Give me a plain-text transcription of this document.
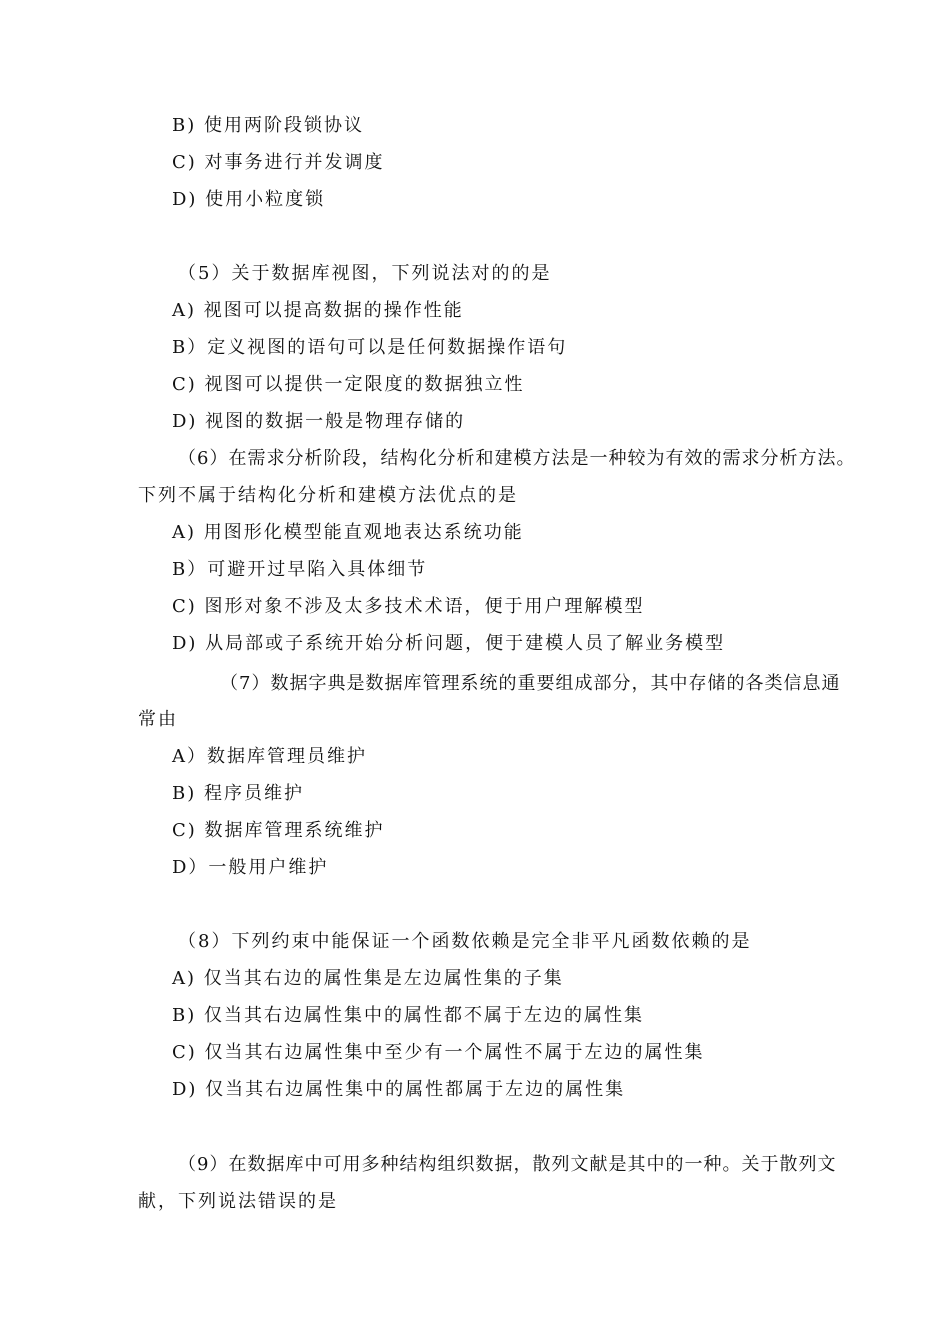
B) 使用两阶段锁协议
C) 对事务进行并发调度
D) 使用小粒度锁
（5）关于数据库视图，下列说法对的的是
A) 视图可以提高数据的操作性能
B）定义视图的语句可以是任何数据操作语句
C) 视图可以提供一定限度的数据独立性
D) 视图的数据一般是物理存储的
（6）在需求分析阶段，结构化分析和建模方法是一种较为有效的需求分析方法。
下列不属于结构化分析和建模方法优点的是
A) 用图形化模型能直观地表达系统功能
B）可避开过早陷入具体细节
C) 图形对象不涉及太多技术术语，便于用户理解模型
D) 从局部或子系统开始分析问题，便于建模人员了解业务模型
（7）数据字典是数据库管理系统的重要组成部分，其中存储的各类信息通
常由
A）数据库管理员维护
B) 程序员维护
C) 数据库管理系统维护
D）一般用户维护
（8）下列约束中能保证一个函数依赖是完全非平凡函数依赖的是
A) 仅当其右边的属性集是左边属性集的子集
B) 仅当其右边属性集中的属性都不属于左边的属性集
C) 仅当其右边属性集中至少有一个属性不属于左边的属性集
D) 仅当其右边属性集中的属性都属于左边的属性集
（9）在数据库中可用多种结构组织数据，散列文献是其中的一种。关于散列文
献，下列说法错误的是
